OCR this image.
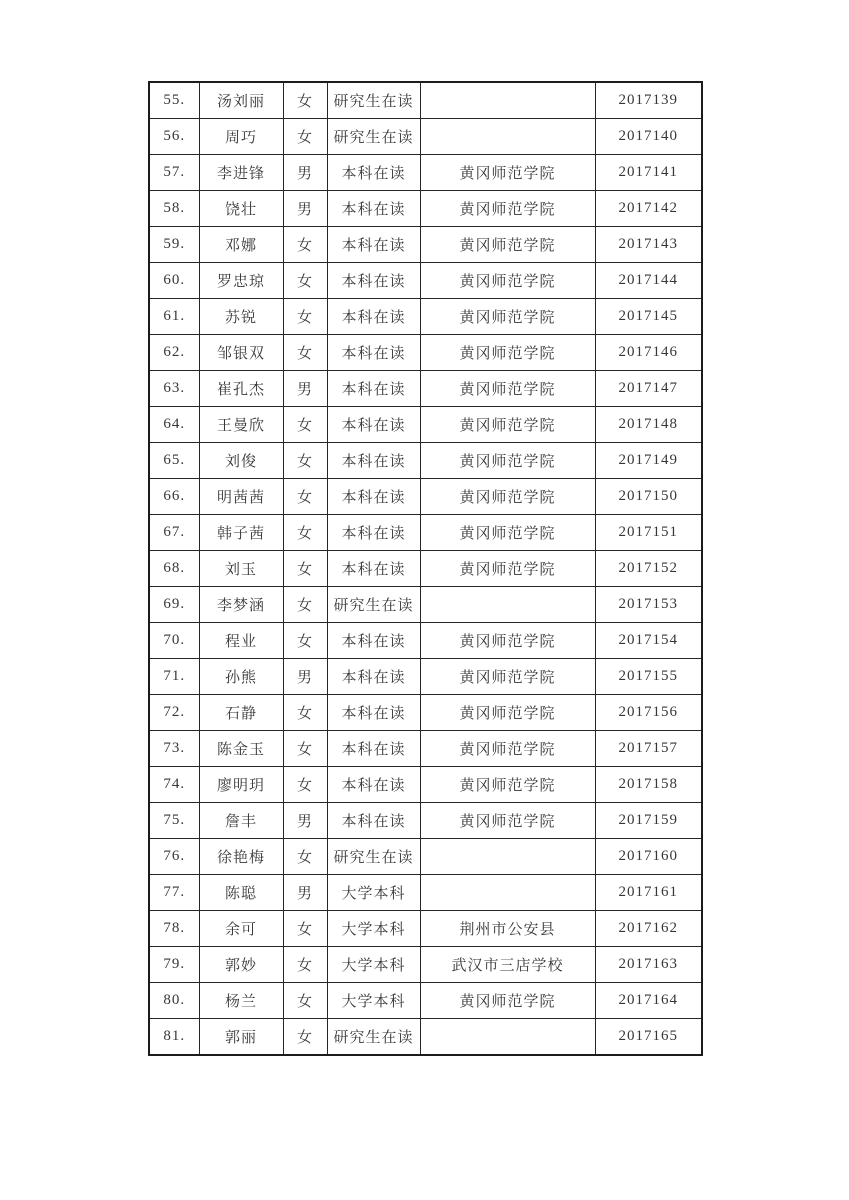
55.	汤刘丽	女	研究生在读		2017139
56.	周巧	女	研究生在读		2017140
57.	李进锋	男	本科在读	黄冈师范学院	2017141
58.	饶壮	男	本科在读	黄冈师范学院	2017142
59.	邓娜	女	本科在读	黄冈师范学院	2017143
60.	罗忠琼	女	本科在读	黄冈师范学院	2017144
61.	苏锐	女	本科在读	黄冈师范学院	2017145
62.	邹银双	女	本科在读	黄冈师范学院	2017146
63.	崔孔杰	男	本科在读	黄冈师范学院	2017147
64.	王曼欣	女	本科在读	黄冈师范学院	2017148
65.	刘俊	女	本科在读	黄冈师范学院	2017149
66.	明茜茜	女	本科在读	黄冈师范学院	2017150
67.	韩子茜	女	本科在读	黄冈师范学院	2017151
68.	刘玉	女	本科在读	黄冈师范学院	2017152
69.	李梦涵	女	研究生在读		2017153
70.	程业	女	本科在读	黄冈师范学院	2017154
71.	孙熊	男	本科在读	黄冈师范学院	2017155
72.	石静	女	本科在读	黄冈师范学院	2017156
73.	陈金玉	女	本科在读	黄冈师范学院	2017157
74.	廖明玥	女	本科在读	黄冈师范学院	2017158
75.	詹丰	男	本科在读	黄冈师范学院	2017159
76.	徐艳梅	女	研究生在读		2017160
77.	陈聪	男	大学本科		2017161
78.	余可	女	大学本科	荆州市公安县	2017162
79.	郭妙	女	大学本科	武汉市三店学校	2017163
80.	杨兰	女	大学本科	黄冈师范学院	2017164
81.	郭丽	女	研究生在读		2017165
